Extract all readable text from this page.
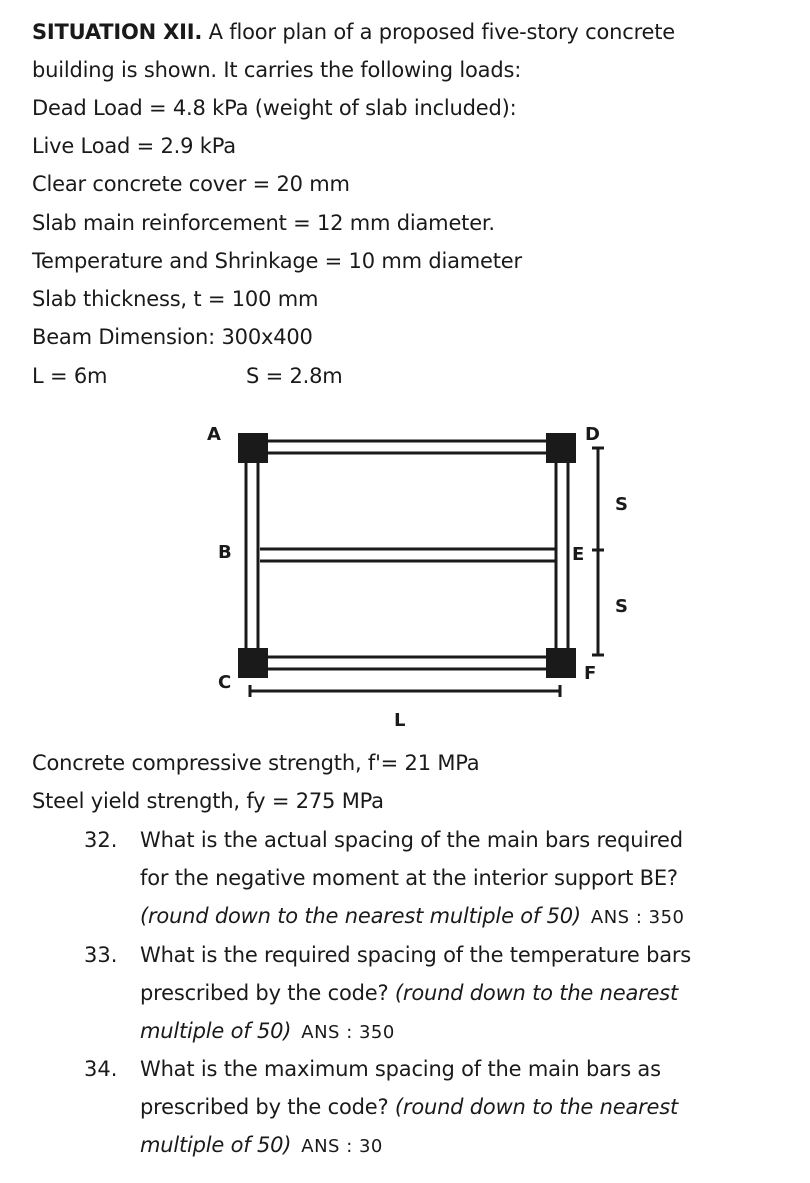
SITUATION XII. A floor plan of a proposed five-story concrete
building is shown. It carries the following loads:
Dead Load = 4.8 kPa (weight of slab included):
Live Load = 2.9 kPa
Clear concrete cover = 20 mm
Slab main reinforcement = 12 mm diameter.
Temperature and Shrinkage = 10 mm diameter
Slab thickness, t = 100 mm
Beam Dimension: 300x400
L = 6m	S = 2.8m
A
B
C
D
E
F
S
S
L
Concrete compressive strength, f'= 21 MPa
Steel yield strength, fy = 275 MPa
32. What is the actual spacing of the main bars required
for the negative moment at the interior support BE?
(round down to the nearest multiple of 50) ANS : 350
33. What is the required spacing of the temperature bars
prescribed by the code? (round down to the nearest
multiple of 50) ANS : 350
34. What is the maximum spacing of the main bars as
prescribed by the code? (round down to the nearest
multiple of 50) ANS : 30
